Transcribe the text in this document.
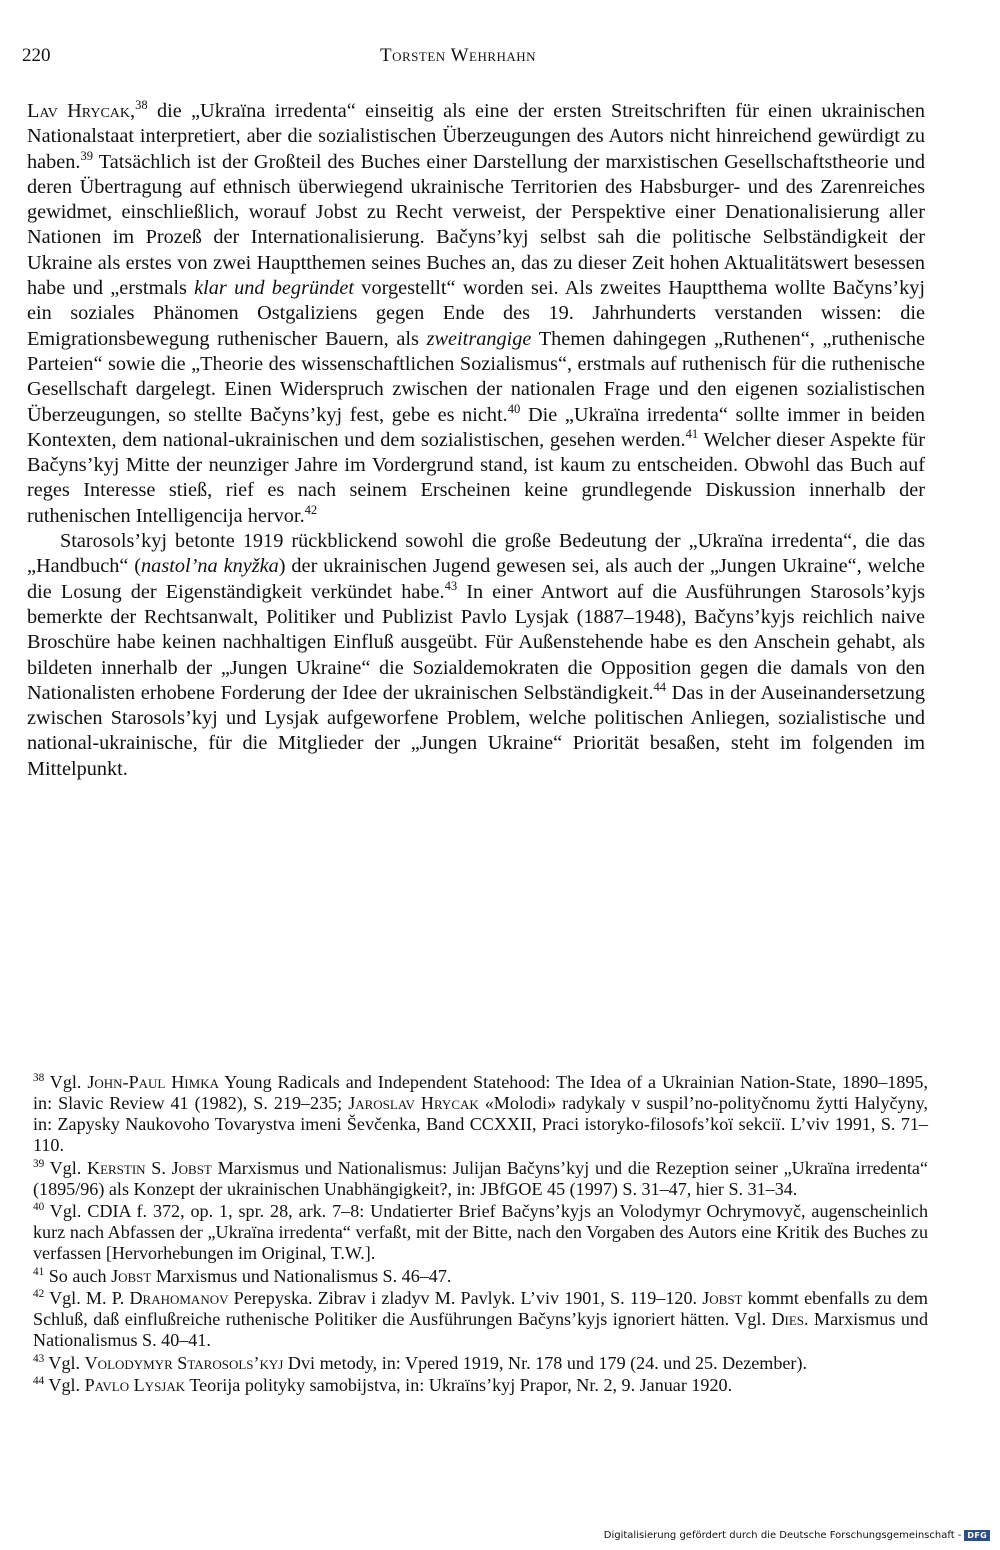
220	Torsten Wehrhahn

Lav Hrycak,$^{38}$ die „Ukraïna irredenta“ einseitig als eine der ersten Streitschriften für einen ukrainischen Nationalstaat interpretiert, aber die sozialistischen Überzeugungen des Autors nicht hinreichend gewürdigt zu haben.$^{39}$ Tatsächlich ist der Großteil des Buches einer Darstellung der marxistischen Gesellschaftstheorie und deren Übertragung auf ethnisch überwiegend ukrainische Territorien des Habsburger- und des Zarenreiches gewidmet, einschließlich, worauf Jobst zu Recht verweist, der Perspektive einer Denationalisierung aller Nationen im Prozeß der Internationalisierung. Bačyns’kyj selbst sah die politische Selbständigkeit der Ukraine als erstes von zwei Hauptthemen seines Buches an, das zu dieser Zeit hohen Aktualitätswert besessen habe und „erstmals klar und begründet vorgestellt“ worden sei. Als zweites Hauptthema wollte Bačyns’kyj ein soziales Phänomen Ostgaliziens gegen Ende des 19. Jahrhunderts verstanden wissen: die Emigrationsbewegung ruthenischer Bauern, als zweitrangige Themen dahingegen „Ruthenen“, „ruthenische Parteien“ sowie die „Theorie des wissenschaftlichen Sozialismus“, erstmals auf ruthenisch für die ruthenische Gesellschaft dargelegt. Einen Widerspruch zwischen der nationalen Frage und den eigenen sozialistischen Überzeugungen, so stellte Bačyns’kyj fest, gebe es nicht.$^{40}$ Die „Ukraïna irredenta“ sollte immer in beiden Kontexten, dem national-ukrainischen und dem sozialistischen, gesehen werden.$^{41}$ Welcher dieser Aspekte für Bačyns’kyj Mitte der neunziger Jahre im Vordergrund stand, ist kaum zu entscheiden. Obwohl das Buch auf reges Interesse stieß, rief es nach seinem Erscheinen keine grundlegende Diskussion innerhalb der ruthenischen Intelligencija hervor.$^{42}$

Starosols’kyj betonte 1919 rückblickend sowohl die große Bedeutung der „Ukraïna irredenta“, die das „Handbuch“ (nastol’na knyžka) der ukrainischen Jugend gewesen sei, als auch der „Jungen Ukraine“, welche die Losung der Eigenständigkeit verkündet habe.$^{43}$ In einer Antwort auf die Ausführungen Starosols’kyjs bemerkte der Rechtsanwalt, Politiker und Publizist Pavlo Lysjak (1887–1948), Bačyns’kyjs reichlich naive Broschüre habe keinen nachhaltigen Einfluß ausgeübt. Für Außenstehende habe es den Anschein gehabt, als bildeten innerhalb der „Jungen Ukraine“ die Sozialdemokraten die Opposition gegen die damals von den Nationalisten erhobene Forderung der Idee der ukrainischen Selbständigkeit.$^{44}$ Das in der Auseinandersetzung zwischen Starosols’kyj und Lysjak aufgeworfene Problem, welche politischen Anliegen, sozialistische und national-ukrainische, für die Mitglieder der „Jungen Ukraine“ Priorität besaßen, steht im folgenden im Mittelpunkt.

$^{38}$ Vgl. John-Paul Himka Young Radicals and Independent Statehood: The Idea of a Ukrainian Nation-State, 1890–1895, in: Slavic Review 41 (1982), S. 219–235; Jaroslav Hrycak «Molodi» radykaly v suspil’no-polityčnomu žytti Halyčyny, in: Zapysky Naukovoho Tovarystva imeni Ševčenka, Band CCXXII, Praci istoryko-filosofs’koï sekciï. L’viv 1991, S. 71–110.
$^{39}$ Vgl. Kerstin S. Jobst Marxismus und Nationalismus: Julijan Bačyns’kyj und die Rezeption seiner „Ukraïna irredenta“ (1895/96) als Konzept der ukrainischen Unabhängigkeit?, in: JBfGOE 45 (1997) S. 31–47, hier S. 31–34.
$^{40}$ Vgl. CDIA f. 372, op. 1, spr. 28, ark. 7–8: Undatierter Brief Bačyns’kyjs an Volodymyr Ochrymovyč, augenscheinlich kurz nach Abfassen der „Ukraïna irredenta“ verfaßt, mit der Bitte, nach den Vorgaben des Autors eine Kritik des Buches zu verfassen [Hervorhebungen im Original, T.W.].
$^{41}$ So auch Jobst Marxismus und Nationalismus S. 46–47.
$^{42}$ Vgl. M. P. Drahomanov Perepyska. Zibrav i zladyv M. Pavlyk. L’viv 1901, S. 119–120. Jobst kommt ebenfalls zu dem Schluß, daß einflußreiche ruthenische Politiker die Ausführungen Bačyns’kyjs ignoriert hätten. Vgl. Dies. Marxismus und Nationalismus S. 40–41.
$^{43}$ Vgl. Volodymyr Starosols’kyj Dvi metody, in: Vpered 1919, Nr. 178 und 179 (24. und 25. Dezember).
$^{44}$ Vgl. Pavlo Lysjak Teorija polityky samobijstva, in: Ukraïns’kyj Prapor, Nr. 2, 9. Januar 1920.
Digitalisierung gefördert durch die Deutsche Forschungsgemeinschaft - DFG
